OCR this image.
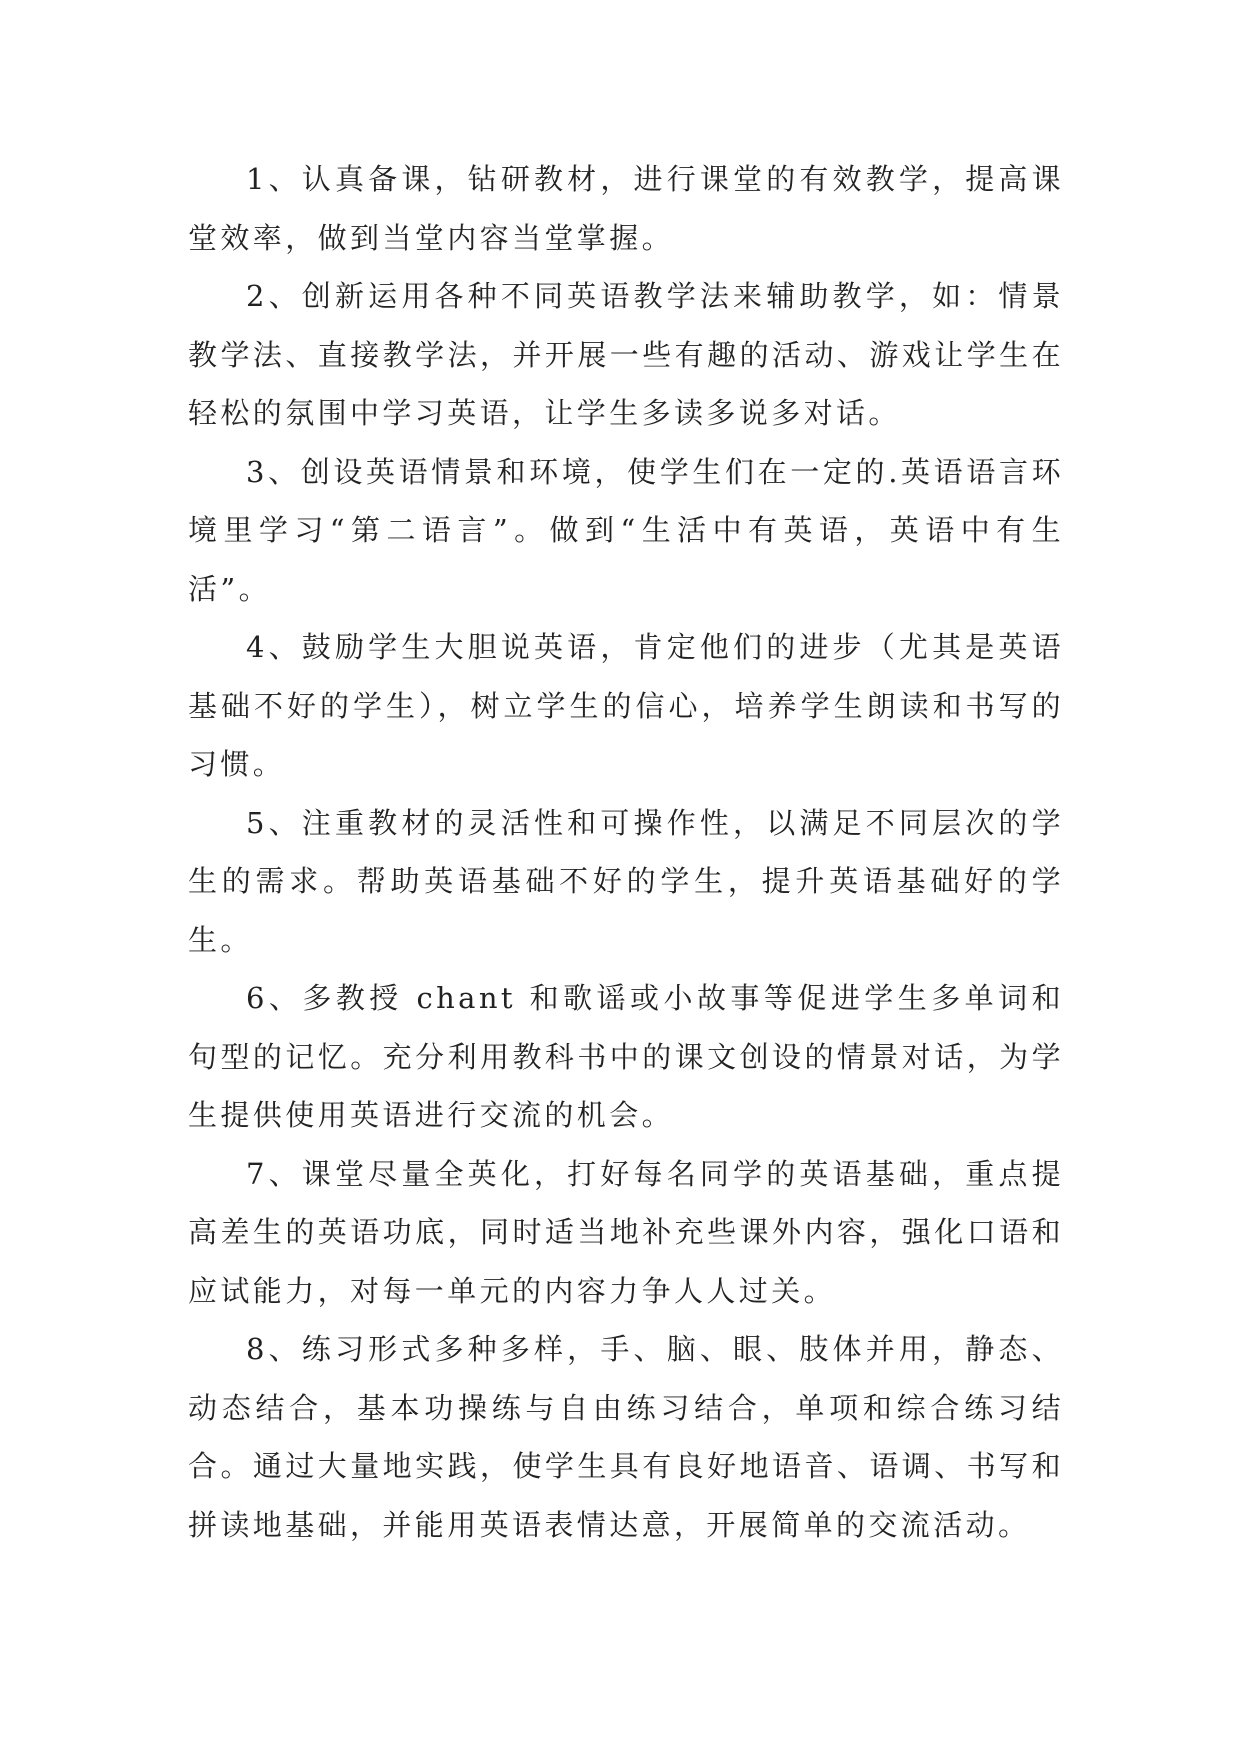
1、认真备课，钻研教材，进行课堂的有效教学，提高课堂效率，做到当堂内容当堂掌握。

2、创新运用各种不同英语教学法来辅助教学，如：情景教学法、直接教学法，并开展一些有趣的活动、游戏让学生在轻松的氛围中学习英语，让学生多读多说多对话。

3、创设英语情景和环境，使学生们在一定的.英语语言环境里学习“第二语言”。做到“生活中有英语，英语中有生活”。

4、鼓励学生大胆说英语，肯定他们的进步（尤其是英语基础不好的学生），树立学生的信心，培养学生朗读和书写的习惯。

5、注重教材的灵活性和可操作性，以满足不同层次的学生的需求。帮助英语基础不好的学生，提升英语基础好的学生。

6、多教授 chant 和歌谣或小故事等促进学生多单词和句型的记忆。充分利用教科书中的课文创设的情景对话，为学生提供使用英语进行交流的机会。

7、课堂尽量全英化，打好每名同学的英语基础，重点提高差生的英语功底，同时适当地补充些课外内容，强化口语和应试能力，对每一单元的内容力争人人过关。

8、练习形式多种多样，手、脑、眼、肢体并用，静态、动态结合，基本功操练与自由练习结合，单项和综合练习结合。通过大量地实践，使学生具有良好地语音、语调、书写和拼读地基础，并能用英语表情达意，开展简单的交流活动。
